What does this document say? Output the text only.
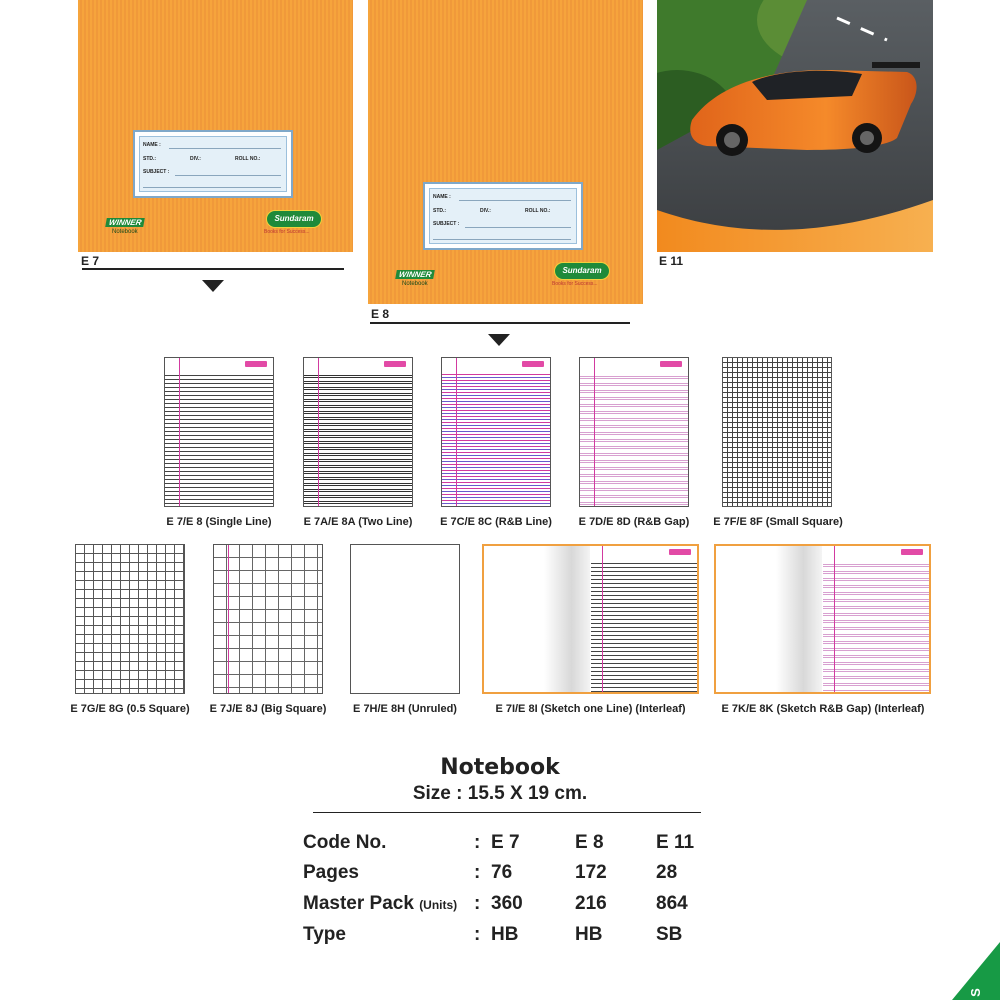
NAME :
STD.:	DIV.:	ROLL NO.:
SUBJECT :
WINNER
Notebook
Sundaram
Books for Success...
E 7
NAME :
STD.:	DIV.:	ROLL NO.:
SUBJECT :
WINNER
Notebook
Sundaram
Books for Success...
E 8
E 11
E 7/E 8 (Single Line)	E 7A/E 8A (Two Line)	E 7C/E 8C (R&B Line)	E 7D/E 8D (R&B Gap)	E 7F/E 8F (Small Square)
E 7G/E 8G (0.5 Square)	E 7J/E 8J (Big Square)	E 7H/E 8H (Unruled)	E 7I/E 8I (Sketch one Line) (Interleaf)	E 7K/E 8K (Sketch R&B Gap) (Interleaf)
Notebook
Size : 15.5 X 19 cm.
Code No.	: E 7	E 8	E 11
Pages	: 76	172	28
Master Pack (Units) : 360	216	864
Type	: HB	HB	SB
S
